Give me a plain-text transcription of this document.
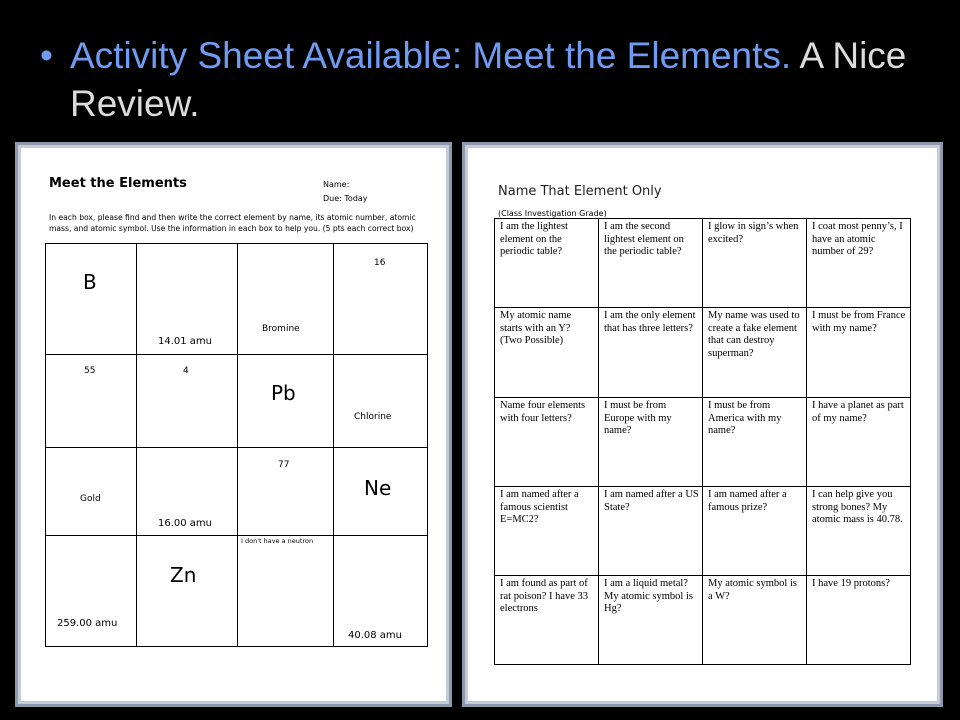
• Activity Sheet Available: Meet the Elements. A Nice Review.
Meet the Elements	Name:
Due: Today
In each box, please find and then write the correct element by name, its atomic number, atomic mass, and atomic symbol. Use the information in each box to help you. (5 pts each correct box)
B
14.01 amu
Bromine
16
55	4
Pb
Chlorine
Gold
16.00 amu
77
Ne
259.00 amu
Zn
I don't have a neutron
40.08 amu
Name That Element Only
(Class Investigation Grade)
I am the lightest element on the periodic table?
I am the second lightest element on the periodic table?
I glow in sign’s when excited?
I coat most penny’s, I have an atomic number of 29?
My atomic name starts with an Y? (Two Possible)
I am the only element that has three letters?
My name was used to create a fake element that can destroy superman?
I must be from France with my name?
Name four elements with four letters?
I must be from Europe with my name?
I must be from America with my name?
I have a planet as part of my name?
I am named after a famous scientist E=MC2?
I am named after a US State?
I am named after a famous prize?
I can help give you strong bones? My atomic mass is 40.78.
I am found as part of rat poison? I have 33 electrons
I am a liquid metal? My atomic symbol is Hg?
My atomic symbol is a W?
I have 19 protons?
